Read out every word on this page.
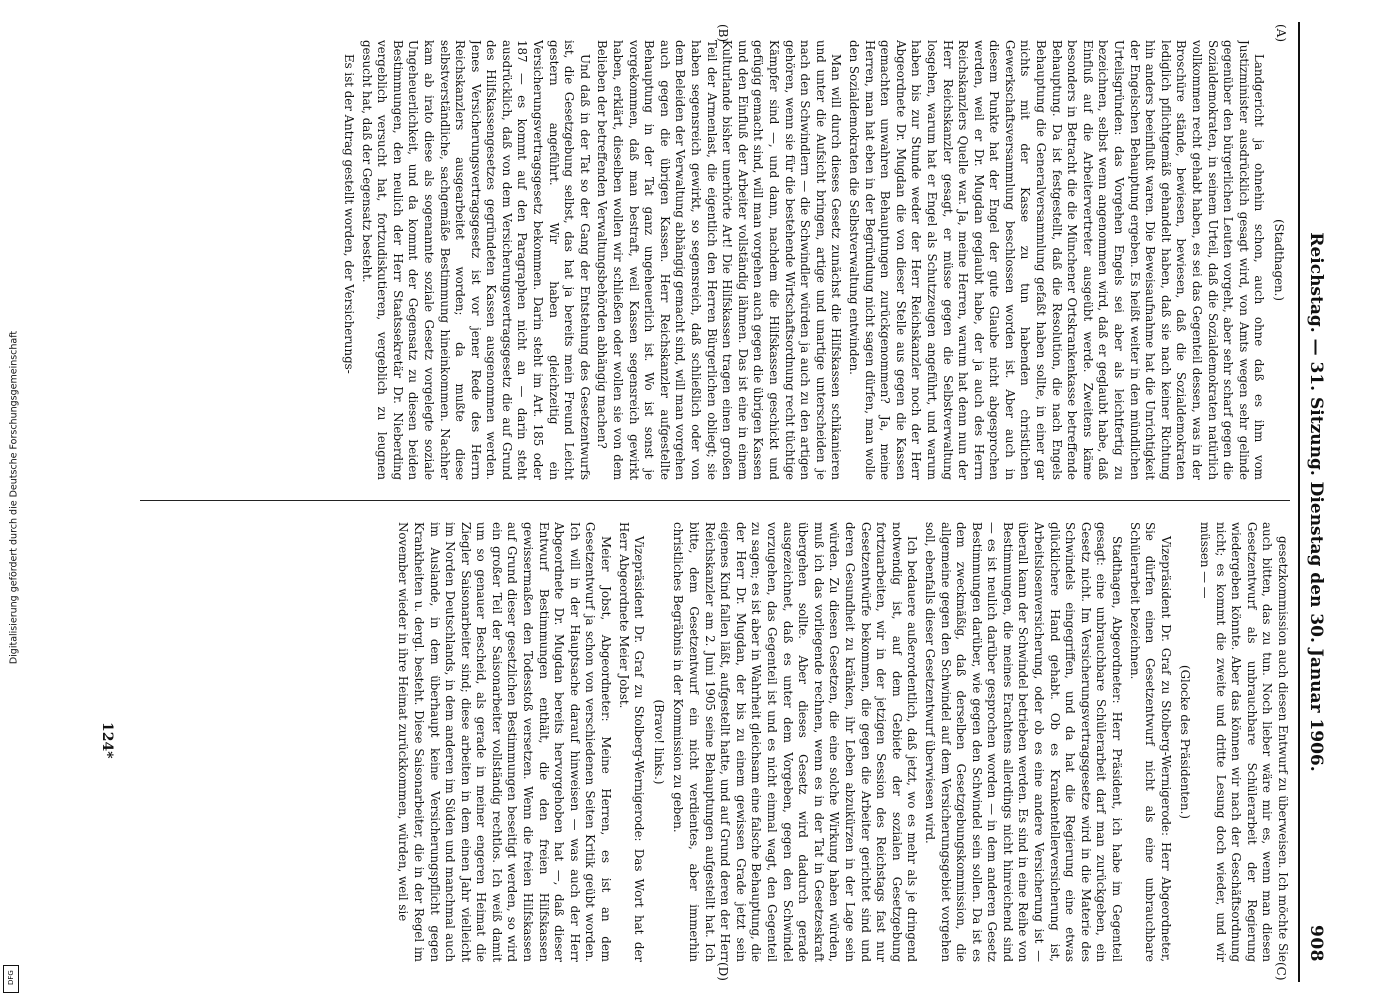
Digitalisierung gefördert durch die Deutsche Forschungsgemeinschaft
DFG
Reichstag. — 31. Sitzung. Dienstag den 30. Januar 1906.
908
(A)
(B)
(C)
(D)

(Stadthagen.)

Landgericht ja ohnehin schon, auch ohne daß es ihm vom Justizminister ausdrücklich gesagt wird, von Amts wegen sehr gelinde gegenüber den bürgerlichen Leuten vorgeht, aber sehr scharf gegen die Sozialdemokraten, in seinem Urteil, daß die Sozialdemokraten natürlich vollkommen recht gehabt haben, es sei das Gegenteil dessen, was in der Broschüre stände, bewiesen, bewiesen, daß die Sozialdemokraten lediglich pflichtgemäß gehandelt haben, daß sie nach keiner Richtung hin anders beeinflußt waren. Die Beweisaufnahme hat die Unrichtigkeit der Engelschen Behauptung ergeben. Es heißt weiter in den mündlichen Urteilsgründen: das Vorgehen Engels sei aber als leichtfertig zu bezeichnen, selbst wenn angenommen wird, daß er geglaubt habe, daß Einfluß auf die Arbeitervertreter ausgeübt werde. Zweitens käme besonders in Betracht die die Münchener Ortskrankenkasse betreffende Behauptung. Da ist festgestellt, daß die Resolution, die nach Engels Behauptung die Generalversammlung gefaßt haben sollte, in einer gar nichts mit der Kasse zu tun habenden christlichen Gewerkschaftsversammlung beschlossen worden ist. Aber auch in diesem Punkte hat der Engel der gute Glaube nicht abgesprochen werden, weil er Dr. Mugdan geglaubt habe, der ja auch des Herrn Reichskanzlers Quelle war. Ja, meine Herren, warum hat denn nun der Herr Reichskanzler gesagt, er müsse gegen die Selbstverwaltung losgehen, warum hat er Engel als Schutzzeugen angeführt, und warum haben bis zur Stunde weder der Herr Reichskanzler noch der Herr Abgeordnete Dr. Mugdan die von dieser Stelle aus gegen die Kassen gemachten unwahren Behauptungen zurückgenommen? Ja, meine Herren, man hat eben in der Begründung nicht sagen dürfen, man wolle den Sozialdemokraten die Selbstverwaltung entwinden.

Man will durch dieses Gesetz zunächst die Hilfskassen schikanieren und unter die Aufsicht bringen, artige und unartige unterscheiden je nach den Schwindlern — die Schwindler würden ja auch zu den artigen gehören, wenn sie für die bestehende Wirtschaftsordnung recht tüchtige Kämpfer sind —, und dann, nachdem die Hilfskassen geschickt und gefügig gemacht sind, will man vorgehen auch gegen die übrigen Kassen und den Einfluß der Arbeiter vollständig lähmen. Das ist eine in einem Kulturlande bisher unerhörte Art! Die Hilfskassen tragen einen großen Teil der Armenlast, die eigentlich den Herren Bürgerlichen obliegt; sie haben segensreich gewirkt, so segensreich, daß schließlich oder von dem Beleiden der Verwaltung abhängig gemacht sind, will man vorgehen auch gegen die übrigen Kassen. Herr Reichskanzler aufgestellte Behauptung in der Tat ganz ungeheuerlich ist. Wo ist sonst je vorgekommen, daß man bestraft, weil Kassen segensreich gewirkt haben, erklärt, dieselben wollen wir schließen oder wollen sie von dem Belieben der betreffenden Verwaltungsbehörden abhängig machen?

Und daß in der Tat so der Gang der Entstehung des Gesetzentwurfs ist, die Gesetzgebung selbst, das hat ja bereits mein Freund Leicht gestern angeführt. Wir haben gleichzeitig ein Versicherungsvertragsgesetz bekommen. Darin steht im Art. 185 oder 187 — es kommt auf den Paragraphen nicht an — darin steht ausdrücklich, daß von dem Versicherungsvertragsgesetz die auf Grund des Hilfskassengesetzes gegründeten Kassen ausgenommen werden. Jenes Versicherungsvertragsgesetz ist vor jener Rede des Herrn Reichskanzlers ausgearbeitet worden; da mußte diese selbstverständliche, sachgemäße Bestimmung hineinkommen. Nachher kam ab irato diese als sogenannte soziale Gesetz vorgelegte soziale Ungeheuerlichkeit, und da kommt der Gegensatz zu diesen beiden Bestimmungen, den neulich der Herr Staatssekretär Dr. Nieberding vergeblich versucht hat, fortzudiskutieren, vergeblich zu leugnen gesucht hat, daß der Gegensatz besteht.

Es ist der Antrag gestellt worden, der Versicherungs-

gesetzkommission auch diesen Entwurf zu überweisen. Ich möchte Sie auch bitten, das zu tun. Noch lieber wäre mir es, wenn man diesen Gesetzentwurf als unbrauchbare Schülerarbeit der Regierung wiedergeben könnte. Aber das können wir nach der Geschäftsordnung nicht; es kommt die zweite und dritte Lesung doch wieder, und wir müssen — —

(Glocke des Präsidenten.)

Vizepräsident Dr. Graf zu Stolberg-Wernigerode: Herr Abgeordneter, Sie dürfen einen Gesetzentwurf nicht als eine unbrauchbare Schülerarbeit bezeichnen.

Stadthagen, Abgeordneter: Herr Präsident, ich habe im Gegenteil gesagt: eine unbrauchbare Schülerarbeit darf man zurückgeben, ein Gesetz nicht. Im Versicherungsvertragsgesetze wird in die Materie des Schwindels eingegriffen, und da hat die Regierung eine etwas glücklichere Hand gehabt. Ob es Krankentellerversicherung ist, Arbeitslosenversicherung, oder ob es eine andere Versicherung ist — überall kann der Schwindel betrieben werden. Es sind in eine Reihe von Bestimmungen, die meines Erachtens allerdings nicht hinreichend sind — es ist neulich darüber gesprochen worden — in dem anderen Gesetz Bestimmungen darüber, wie gegen den Schwindel sein sollen. Da ist es dem zweckmäßig, daß derselben Gesetzgebungskommission, die allgemeine gegen den Schwindel auf dem Versicherungsgebiet vorgehen soll, ebenfalls dieser Gesetzentwurf überwiesen wird.

Ich bedauere außerordentlich, daß jetzt, wo es mehr als je dringend notwendig ist, auf dem Gebiete der sozialen Gesetzgebung fortzuarbeiten, wir in der jetzigen Session des Reichstags fast nur Gesetzentwürfe bekommen, die gegen die Arbeiter gerichtet sind und deren Gesundheit zu kränken, ihr Leben abzukürzen in der Lage sein würden. Zu diesen Gesetzen, die eine solche Wirkung haben würden, muß ich das vorliegende rechnen, wenn es in der Tat in Gesetzeskraft übergehen sollte. Aber dieses Gesetz wird dadurch gerade ausgezeichnet, daß es unter dem Vorgeben, gegen den Schwindel vorzugehen, das Gegenteil ist und es nicht einmal wagt, den Gegenteil zu sagen; es ist aber in Wahrheit gleichsam eine falsche Behauptung, die der Herr Dr. Mugdan, der bis zu einem gewissen Grade jetzt sein eigenes Kind fallen läßt, aufgestellt hatte, und auf Grund deren der Herr Reichskanzler am 2. Juni 1905 seine Behauptungen aufgestellt hat. Ich bitte, dem Gesetzentwurf ein nicht verdientes, aber immerhin christliches Begräbnis in der Kommission zu geben.

(Bravo! links.)

Vizepräsident Dr. Graf zu Stolberg-Wernigerode: Das Wort hat der Herr Abgeordnete Meier Jobst.

Meier Jobst, Abgeordneter: Meine Herren, es ist an dem Gesetzentwurf ja schon von verschiedenen Seiten Kritik geübt worden. Ich will in der Hauptsache darauf hinweisen — was auch der Herr Abgeordnete Dr. Mugdan bereits hervorgehoben hat —, daß dieser Entwurf Bestimmungen enthält, die den freien Hilfskassen gewissermaßen den Todesstoß versetzen. Wenn die freien Hilfskassen auf Grund dieser gesetzlichen Bestimmungen beseitigt werden, so wird ein großer Teil der Saisonarbeiter vollständig rechtlos. Ich weiß damit um so genauer Bescheid, als gerade in meiner engeren Heimat die Ziegler Saisonarbeiter sind; diese arbeiten in dem einen Jahr vielleicht im Norden Deutschlands, in dem anderen im Süden und manchmal auch im Auslande, in dem überhaupt keine Versicherungspflicht gegen Krankheiten u. dergl. besteht. Diese Saisonarbeiter, die in der Regel im November wieder in ihre Heimat zurückkommen, würden, weil sie

124*
